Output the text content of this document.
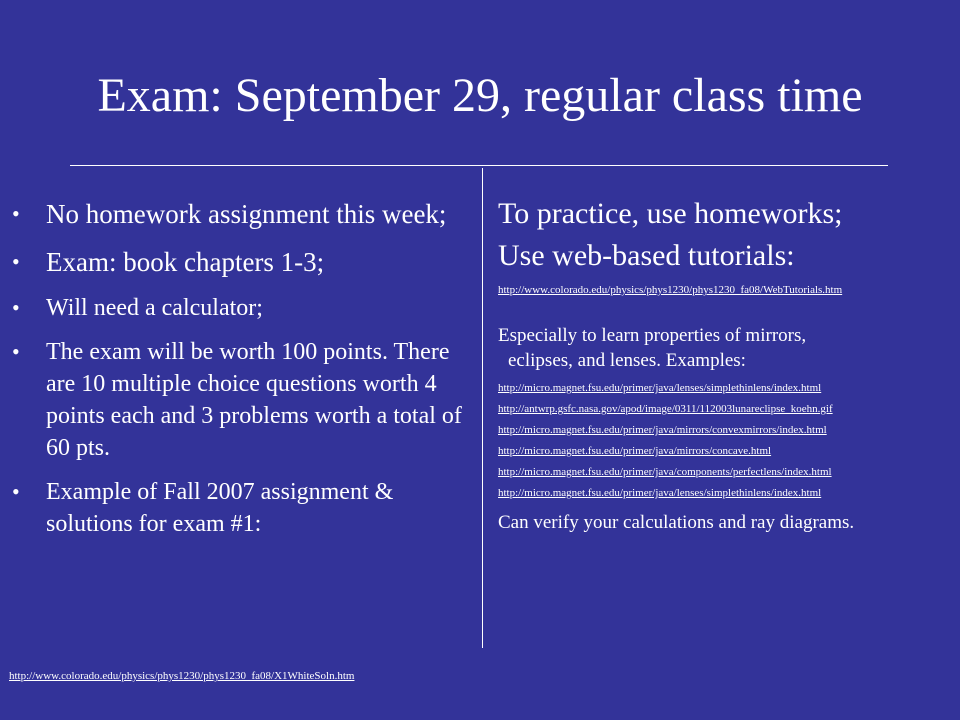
Exam: September 29, regular class time
• No homework assignment this week;
• Exam: book chapters 1-3;
• Will need a calculator;
• The exam will be worth 100 points. There are 10 multiple choice questions worth 4 points each and 3 problems worth a total of 60 pts.
• Example of Fall 2007 assignment & solutions for exam #1:
http://www.colorado.edu/physics/phys1230/phys1230_fa08/X1WhiteSoln.htm

To practice, use homeworks;

Use web-based tutorials:

http://www.colorado.edu/physics/phys1230/phys1230_fa08/WebTutorials.htm

Especially to learn properties of mirrors,
eclipses, and lenses. Examples:

http://micro.magnet.fsu.edu/primer/java/lenses/simplethinlens/index.html
http://antwrp.gsfc.nasa.gov/apod/image/0311/112003lunareclipse_koehn.gif
http://micro.magnet.fsu.edu/primer/java/mirrors/convexmirrors/index.html
http://micro.magnet.fsu.edu/primer/java/mirrors/concave.html
http://micro.magnet.fsu.edu/primer/java/components/perfectlens/index.html
http://micro.magnet.fsu.edu/primer/java/lenses/simplethinlens/index.html

Can verify your calculations and ray diagrams.
